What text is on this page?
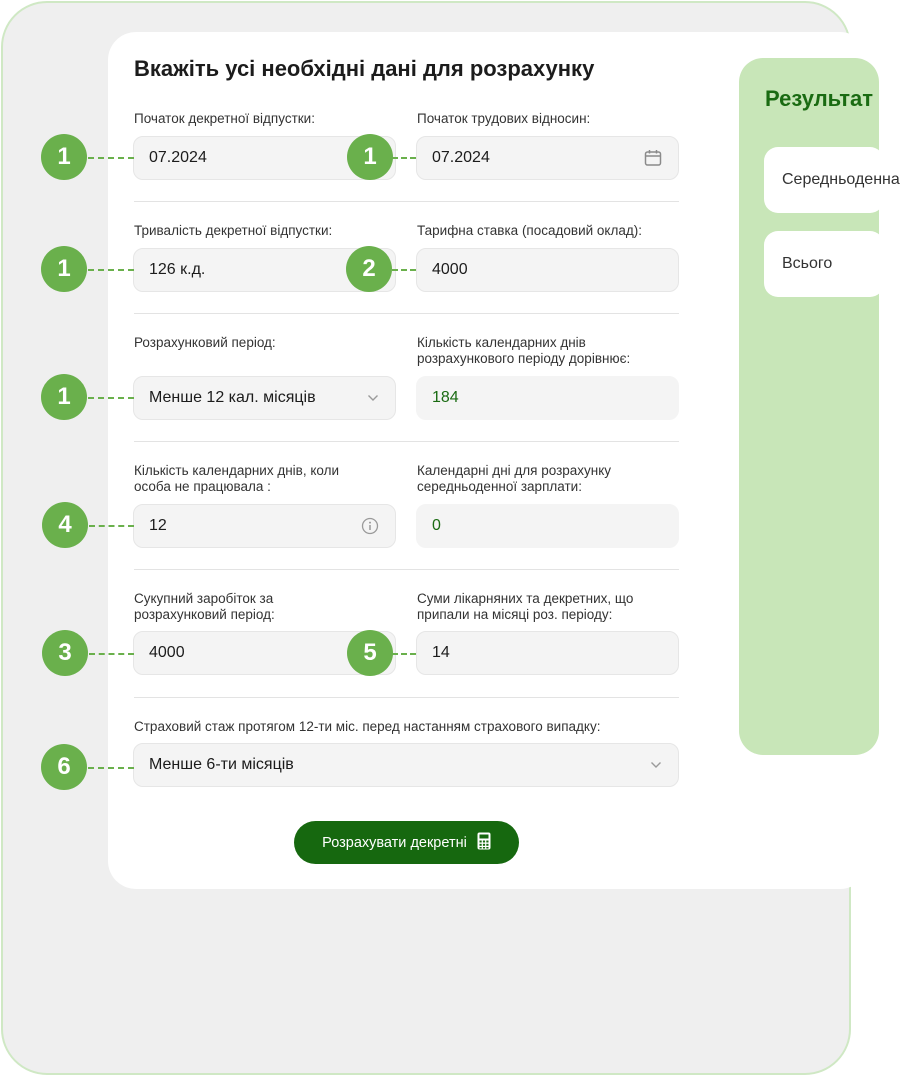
Результат
Середньоденна
Всього
Вкажіть усі необхідні дані для розрахунку
Початок декретної відпустки:
07.2024
Початок трудових відносин:
07.2024
Тривалість декретної відпустки:
126 к.д.
Тарифна ставка (посадовий оклад):
4000
Розрахунковий період:
Менше 12 кал. місяців
Кількість календарних днів
розрахункового періоду дорівнює:
184
Кількість календарних днів, коли
особа не працювала :
12
Календарні дні для розрахунку
середньоденної зарплати:
0
Сукупний заробіток за
розрахунковий період:
4000
Суми лікарняних та декретних, що
припали на місяці роз. періоду:
14
Страховий стаж протягом 12-ти міс. перед настанням страхового випадку:
Менше 6-ти місяців
Розрахувати декретні
1	1
1	2
1
4
3	5
6
